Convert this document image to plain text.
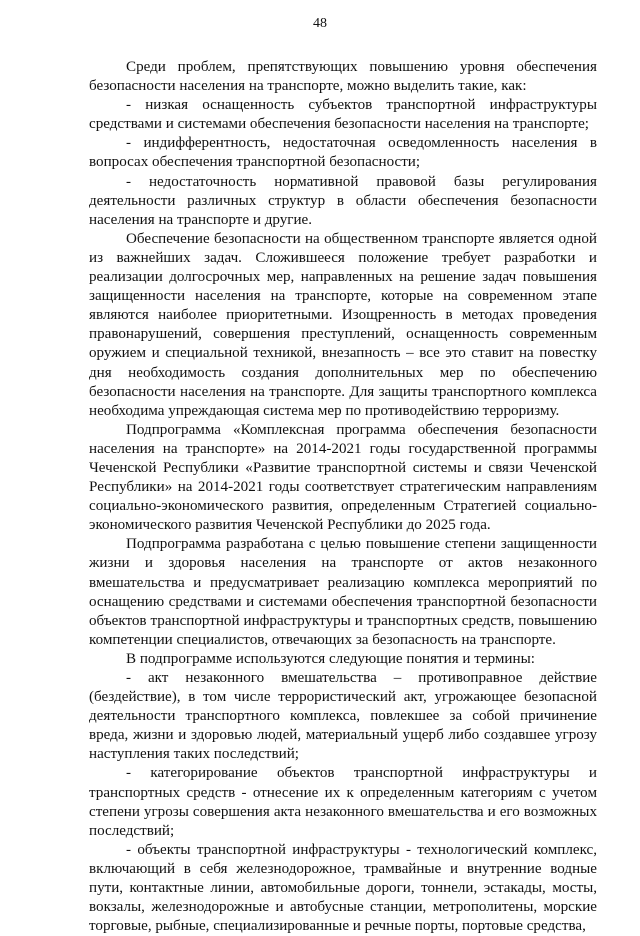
48

Среди проблем, препятствующих повышению уровня обеспечения безопасности населения на транспорте, можно выделить такие, как:

- низкая оснащенность субъектов транспортной инфраструктуры средствами и системами обеспечения безопасности населения на транспорте;

- индифферентность, недостаточная осведомленность населения в вопросах обеспечения транспортной безопасности;

- недостаточность нормативной правовой базы регулирования деятельности различных структур в области обеспечения безопасности населения на транспорте и другие.

Обеспечение безопасности на общественном транспорте является одной из важнейших задач. Сложившееся положение требует разработки и реализации долгосрочных мер, направленных на решение задач повышения защищенности населения на транспорте, которые на современном этапе являются наиболее приоритетными. Изощренность в методах проведения правонарушений, совершения преступлений, оснащенность современным оружием и специальной техникой, внезапность – все это ставит на повестку дня необходимость создания дополнительных мер по обеспечению безопасности населения на транспорте. Для защиты транспортного комплекса необходима упреждающая система мер по противодействию терроризму.

Подпрограмма «Комплексная программа обеспечения безопасности населения на транспорте» на 2014-2021 годы государственной программы Чеченской Республики «Развитие транспортной системы и связи Чеченской Республики» на 2014-2021 годы соответствует стратегическим направлениям социально-экономического развития, определенным Стратегией социально-экономического развития Чеченской Республики до 2025 года.

Подпрограмма разработана с целью повышение степени защищенности жизни и здоровья населения на транспорте от актов незаконного вмешательства и предусматривает реализацию комплекса мероприятий по оснащению средствами и системами обеспечения транспортной безопасности объектов транспортной инфраструктуры и транспортных средств, повышению компетенции специалистов, отвечающих за безопасность на транспорте.

В подпрограмме используются следующие понятия и термины:

- акт незаконного вмешательства – противоправное действие (бездействие), в том числе террористический акт, угрожающее безопасной деятельности транспортного комплекса, повлекшее за собой причинение вреда, жизни и здоровью людей, материальный ущерб либо создавшее угрозу наступления таких последствий;

- категорирование объектов транспортной инфраструктуры и транспортных средств - отнесение их к определенным категориям с учетом степени угрозы совершения акта незаконного вмешательства и его возможных последствий;

- объекты транспортной инфраструктуры - технологический комплекс, включающий в себя железнодорожное, трамвайные и внутренние водные пути, контактные линии, автомобильные дороги, тоннели, эстакады, мосты, вокзалы, железнодорожные и автобусные станции, метрополитены, морские торговые, рыбные, специализированные и речные порты, портовые средства,
